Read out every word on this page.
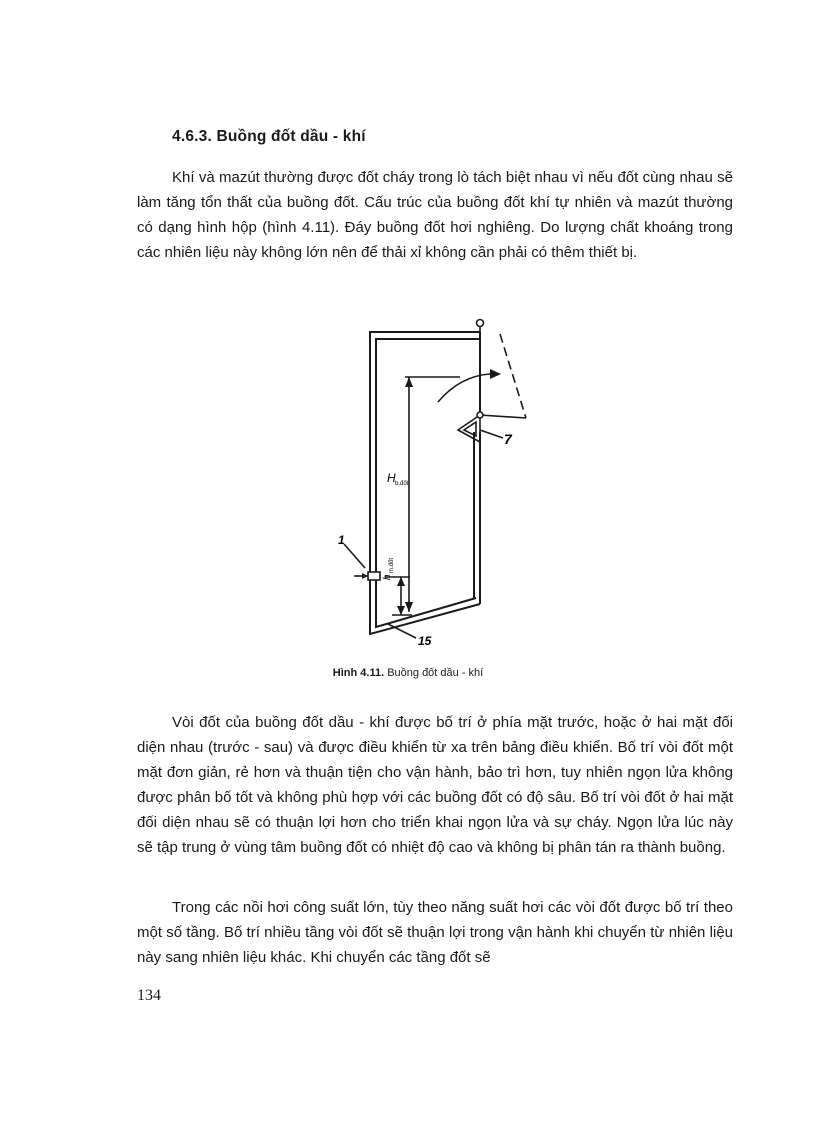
4.6.3. Buồng đốt dầu - khí

Khí và mazút thường được đốt cháy trong lò tách biệt nhau vì nếu đốt cùng nhau sẽ làm tăng tổn thất của buồng đốt. Cấu trúc của buồng đốt khí tự nhiên và mazút thường có dạng hình hộp (hình 4.11). Đáy buồng đốt hơi nghiêng. Do lượng chất khoáng trong các nhiên liệu này không lớn nên để thải xỉ không cần phải có thêm thiết bị.

1
7
15
H b.đốt
h
m.đốt
Hình 4.11. Buồng đốt dầu - khí

Vòi đốt của buồng đốt dầu - khí được bố trí ở phía mặt trước, hoặc ở hai mặt đối diện nhau (trước - sau) và được điều khiển từ xa trên bảng điều khiển. Bố trí vòi đốt một mặt đơn giản, rẻ hơn và thuận tiện cho vận hành, bảo trì hơn, tuy nhiên ngọn lửa không được phân bố tốt và không phù hợp với các buồng đốt có độ sâu. Bố trí vòi đốt ở hai mặt đối diện nhau sẽ có thuận lợi hơn cho triển khai ngọn lửa và sự cháy. Ngọn lửa lúc này sẽ tập trung ở vùng tâm buồng đốt có nhiệt độ cao và không bị phân tán ra thành buồng.

Trong các nồi hơi công suất lớn, tùy theo năng suất hơi các vòi đốt được bố trí theo một số tầng. Bố trí nhiều tầng vòi đốt sẽ thuận lợi trong vận hành khi chuyển từ nhiên liệu này sang nhiên liệu khác. Khi chuyển các tầng đốt sẽ

134
